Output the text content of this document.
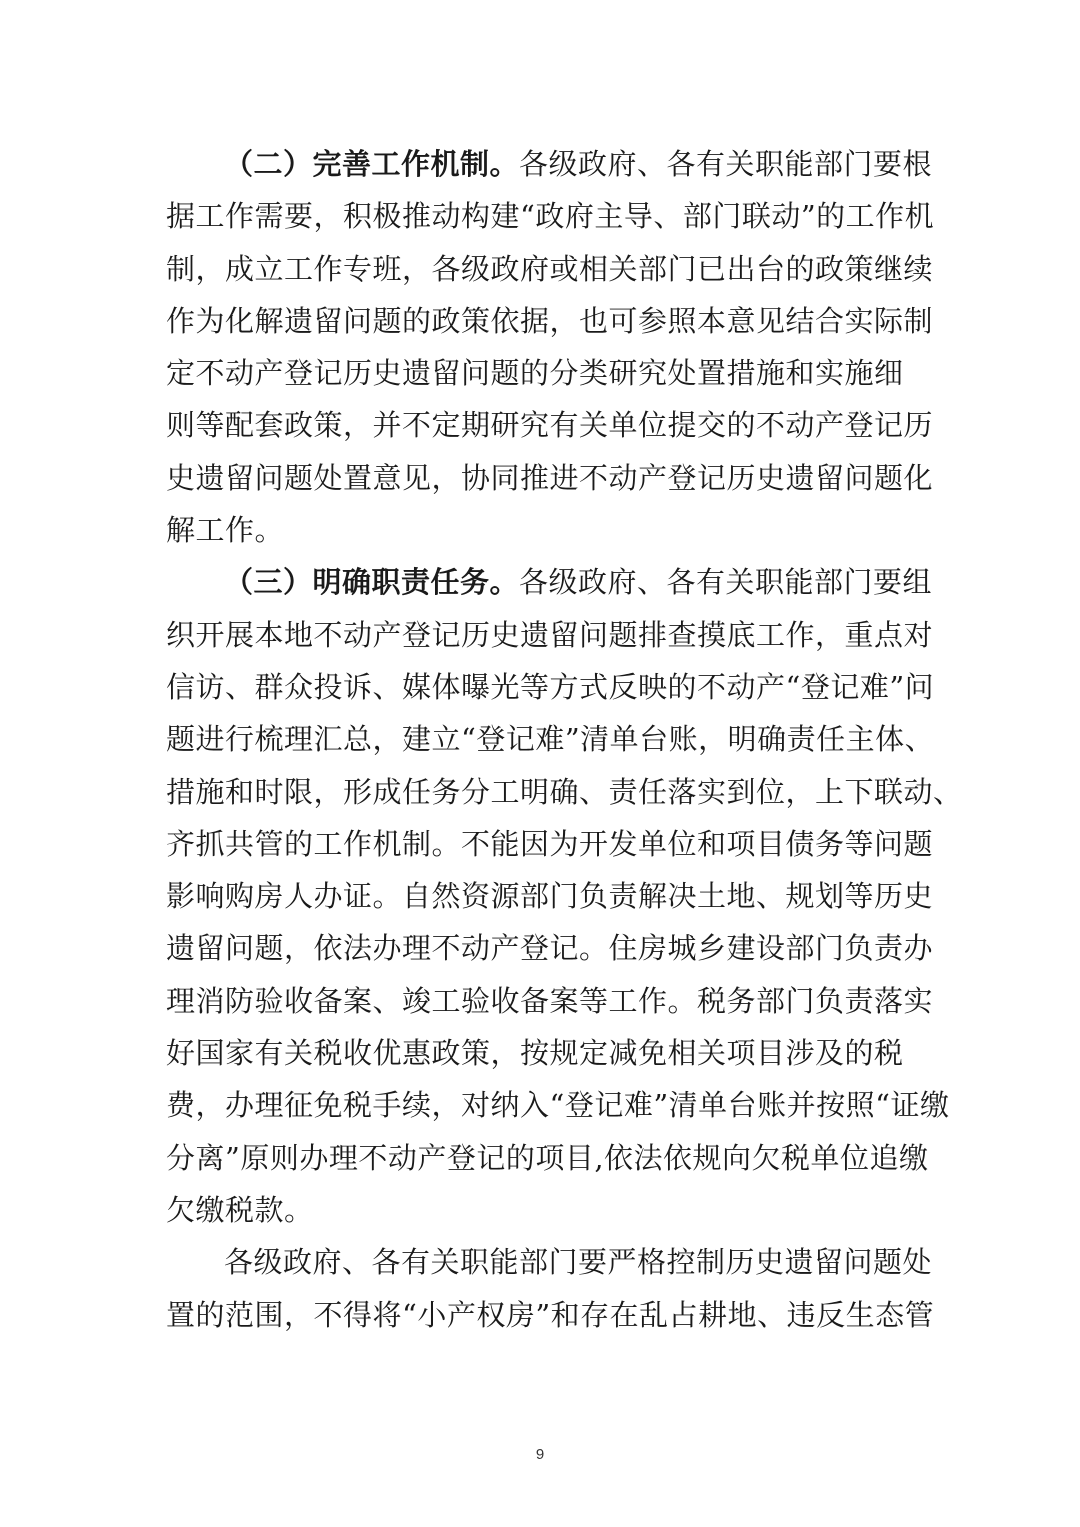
（二）完善工作机制。各级政府、各有关职能部门要根
据工作需要，积极推动构建“政府主导、部门联动”的工作机
制，成立工作专班，各级政府或相关部门已出台的政策继续
作为化解遗留问题的政策依据，也可参照本意见结合实际制
定不动产登记历史遗留问题的分类研究处置措施和实施细
则等配套政策，并不定期研究有关单位提交的不动产登记历
史遗留问题处置意见，协同推进不动产登记历史遗留问题化
解工作。
（三）明确职责任务。各级政府、各有关职能部门要组
织开展本地不动产登记历史遗留问题排查摸底工作，重点对
信访、群众投诉、媒体曝光等方式反映的不动产“登记难”问
题进行梳理汇总，建立“登记难”清单台账，明确责任主体、
措施和时限，形成任务分工明确、责任落实到位，上下联动、
齐抓共管的工作机制。不能因为开发单位和项目债务等问题
影响购房人办证。自然资源部门负责解决土地、规划等历史
遗留问题，依法办理不动产登记。住房城乡建设部门负责办
理消防验收备案、竣工验收备案等工作。税务部门负责落实
好国家有关税收优惠政策，按规定减免相关项目涉及的税
费，办理征免税手续，对纳入“登记难”清单台账并按照“证缴
分离”原则办理不动产登记的项目,依法依规向欠税单位追缴
欠缴税款。
各级政府、各有关职能部门要严格控制历史遗留问题处
置的范围，不得将“小产权房”和存在乱占耕地、违反生态管
9
